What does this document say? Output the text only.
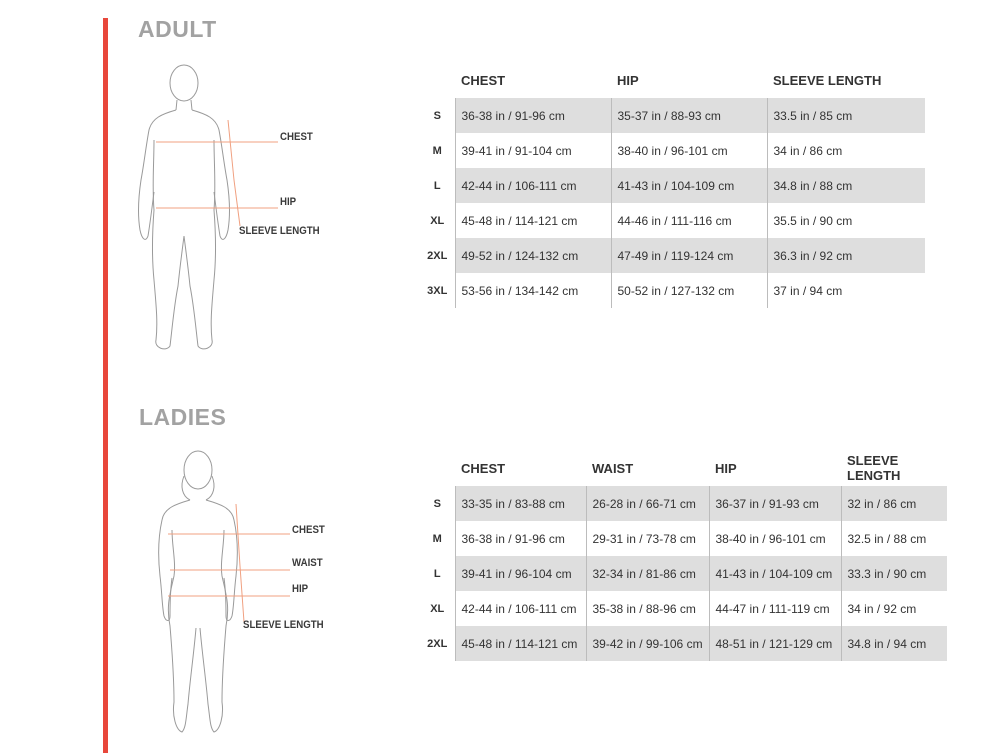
ADULT
CHEST
HIP
SLEEVE LENGTH
	CHEST	HIP	SLEEVE LENGTH
S	36-38 in / 91-96 cm	35-37 in / 88-93 cm	33.5 in / 85 cm
M	39-41 in / 91-104 cm	38-40 in / 96-101 cm	34 in / 86 cm
L	42-44 in / 106-111 cm	41-43 in / 104-109 cm	34.8 in / 88 cm
XL	45-48 in / 114-121 cm	44-46 in / 111-116 cm	35.5 in / 90 cm
2XL	49-52 in / 124-132 cm	47-49 in / 119-124 cm	36.3 in / 92 cm
3XL	53-56 in / 134-142 cm	50-52 in / 127-132 cm	37 in / 94 cm
LADIES
CHEST
WAIST
HIP
SLEEVE LENGTH
	CHEST	WAIST	HIP	SLEEVE LENGTH
S	33-35 in / 83-88 cm	26-28 in / 66-71 cm	36-37 in / 91-93 cm	32 in / 86 cm
M	36-38 in / 91-96 cm	29-31 in / 73-78 cm	38-40 in / 96-101 cm	32.5 in / 88 cm
L	39-41 in / 96-104 cm	32-34 in / 81-86 cm	41-43 in / 104-109 cm	33.3 in / 90 cm
XL	42-44 in / 106-111 cm	35-38 in / 88-96 cm	44-47 in / 111-119 cm	34 in / 92 cm
2XL	45-48 in / 114-121 cm	39-42 in / 99-106 cm	48-51 in / 121-129 cm	34.8 in / 94 cm
